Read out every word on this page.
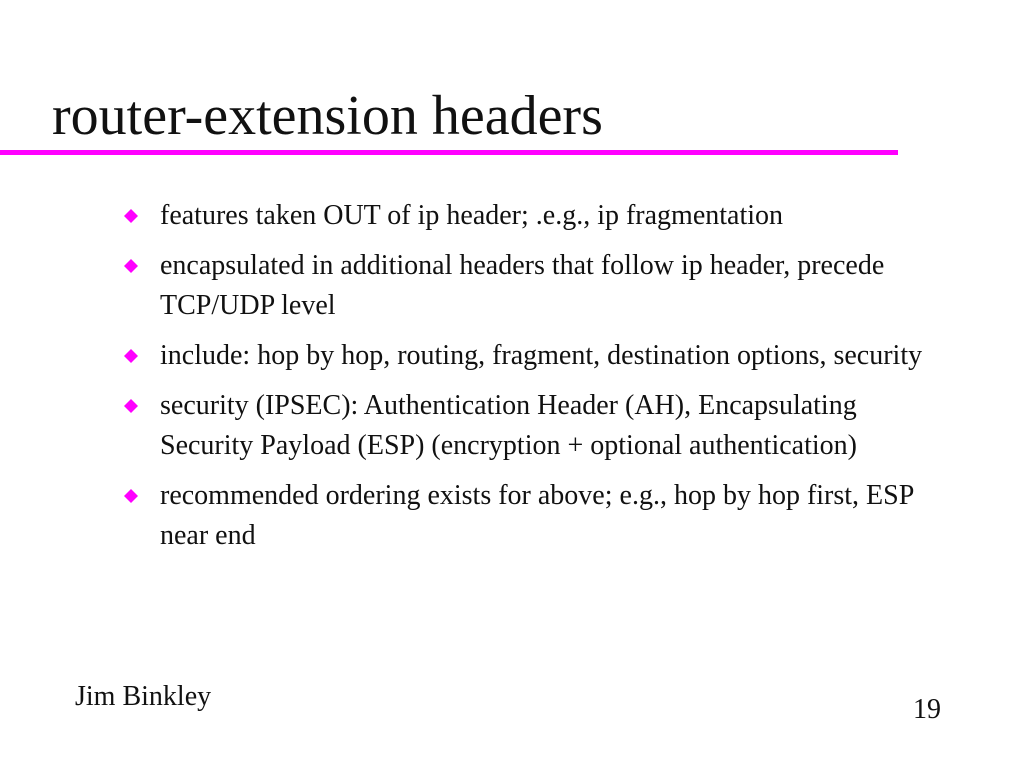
router-extension headers
features taken OUT of ip header; .e.g., ip fragmentation
encapsulated in additional headers that follow ip header, precede TCP/UDP level
include: hop by hop, routing, fragment, destination options, security
security (IPSEC): Authentication Header (AH), Encapsulating Security Payload (ESP) (encryption + optional authentication)
recommended ordering exists for above; e.g., hop by hop first, ESP near end
Jim Binkley	19
